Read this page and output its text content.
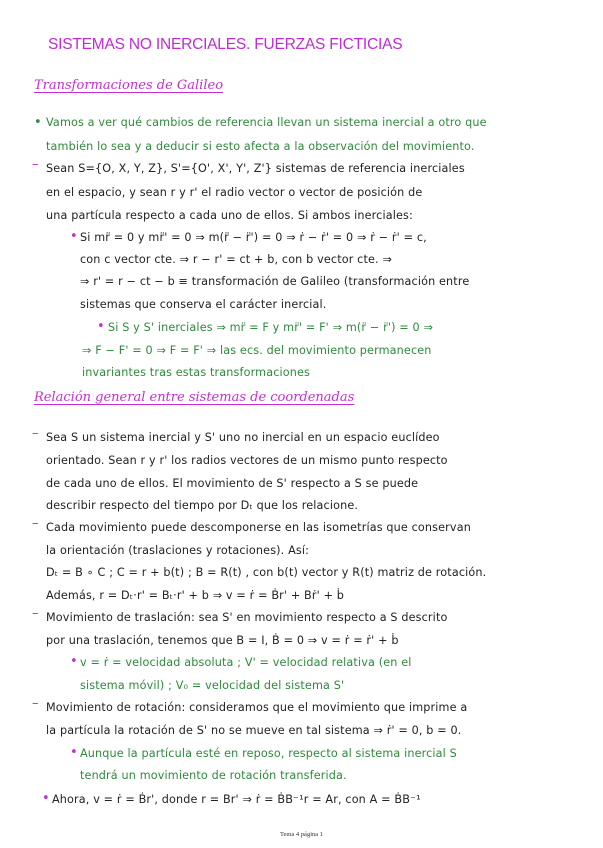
SISTEMAS NO INERCIALES. FUERZAS FICTICIAS
Transformaciones de Galileo
• Vamos a ver qué cambios de referencia llevan un sistema inercial a otro que
también lo sea y a deducir si esto afecta a la observación del movimiento.
– Sean S={O, X, Y, Z}, S'={O', X', Y', Z'} sistemas de referencia inerciales
en el espacio, y sean r y r' el radio vector o vector de posición de
una partícula respecto a cada uno de ellos. Si ambos inerciales:
• Si mr̈ = 0 y mr̈' = 0 ⇒ m(r̈ − r̈') = 0 ⇒ ṙ − ṙ' = 0 ⇒ ṙ − ṙ' = c,
con c vector cte. ⇒ r − r' = ct + b, con b vector cte. ⇒
⇒ r' = r − ct − b ≡ transformación de Galileo (transformación entre
sistemas que conserva el carácter inercial.
• Si S y S' inerciales ⇒ mr̈ = F y mr̈' = F' ⇒ m(r̈ − r̈') = 0 ⇒
⇒ F − F' = 0 ⇒ F = F' ⇒ las ecs. del movimiento permanecen
invariantes tras estas transformaciones
Relación general entre sistemas de coordenadas
– Sea S un sistema inercial y S' uno no inercial en un espacio euclídeo
orientado. Sean r y r' los radios vectores de un mismo punto respecto
de cada uno de ellos. El movimiento de S' respecto a S se puede
describir respecto del tiempo por Dₜ que los relacione.
– Cada movimiento puede descomponerse en las isometrías que conservan
la orientación (traslaciones y rotaciones). Así:
Dₜ = B ∘ C ; C = r + b(t) ; B = R(t) , con b(t) vector y R(t) matriz de rotación.
Además, r = Dₜ·r' = Bₜ·r' + b ⇒ v = ṙ = Ḃr' + Bṙ' + ḃ
– Movimiento de traslación: sea S' en movimiento respecto a S descrito
por una traslación, tenemos que B = I, Ḃ = 0 ⇒ v = ṙ = ṙ' + ḃ
• v = ṙ = velocidad absoluta ; V' = velocidad relativa (en el
sistema móvil) ; V₀ = velocidad del sistema S'
– Movimiento de rotación: consideramos que el movimiento que imprime a
la partícula la rotación de S' no se mueve en tal sistema ⇒ ṙ' = 0, b = 0.
• Aunque la partícula esté en reposo, respecto al sistema inercial S
tendrá un movimiento de rotación transferida.
• Ahora, v = ṙ = Ḃr', donde r = Br' ⇒ ṙ = ḂB⁻¹r = Ar, con A = ḂB⁻¹
Tema 4 página 1
